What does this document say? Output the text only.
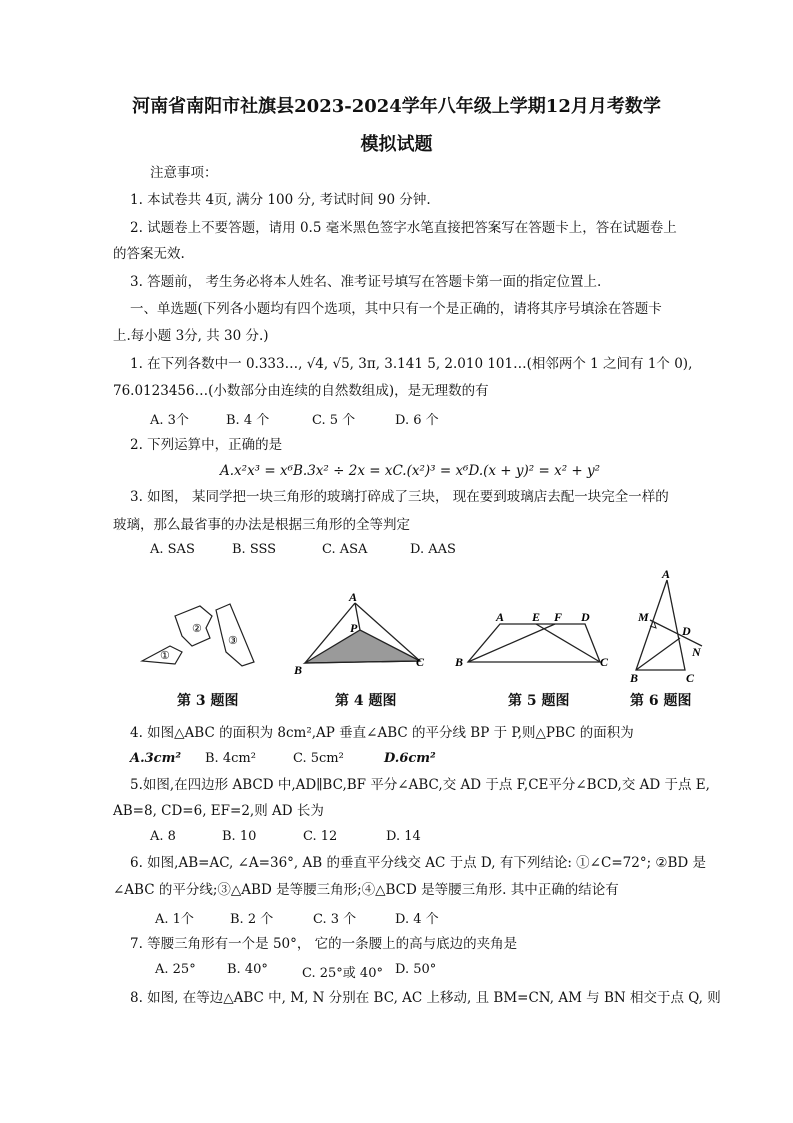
河南省南阳市社旗县2023-2024学年八年级上学期12月月考数学
模拟试题
注意事项：
1. 本试卷共 4页, 满分 100 分, 考试时间 90 分钟.
2. 试题卷上不要答题，请用 0.5 毫米黑色签字水笔直接把答案写在答题卡上，答在试题卷上
的答案无效.
3. 答题前， 考生务必将本人姓名、准考证号填写在答题卡第一面的指定位置上.
一、单选题(下列各小题均有四个选项，其中只有一个是正确的，请将其序号填涂在答题卡
上.每小题 3分, 共 30 分.)
1. 在下列各数中一 0.333…, √4, √5, 3π, 3.141 5, 2.010 101…(相邻两个 1 之间有 1个 0),
76.0123456…(小数部分由连续的自然数组成)，是无理数的有
A. 3个	B. 4 个	C. 5 个	D. 6 个
2. 下列运算中，正确的是
A.x²x³ = x⁶B.3x² ÷ 2x = xC.(x²)³ = x⁶D.(x + y)² = x² + y²
3. 如图， 某同学把一块三角形的玻璃打碎成了三块， 现在要到玻璃店去配一块完全一样的
玻璃，那么最省事的办法是根据三角形的全等判定
A. SAS	B. SSS	C. ASA	D. AAS
①
②
③
A
P
B
C
A E F D
B	C
A
M
D
N
B	C
第 3 题图	第 4 题图	第 5 题图	第 6 题图
4. 如图△ABC 的面积为 8cm²,AP 垂直∠ABC 的平分线 BP 于 P,则△PBC 的面积为
A.3cm² B. 4cm²	C. 5cm²	D.6cm²
5.如图,在四边形 ABCD 中,AD∥BC,BF 平分∠ABC,交 AD 于点 F,CE平分∠BCD,交 AD 于点 E,
AB=8, CD=6, EF=2,则 AD 长为
A. 8	B. 10	C. 12	D. 14
6. 如图,AB=AC, ∠A=36°, AB 的垂直平分线交 AC 于点 D, 有下列结论: ①∠C=72°; ②BD 是
∠ABC 的平分线;③△ABD 是等腰三角形;④△BCD 是等腰三角形. 其中正确的结论有
A. 1个	B. 2 个	C. 3 个	D. 4 个
7. 等腰三角形有一个是 50°， 它的一条腰上的高与底边的夹角是
A. 25° B. 40°	C. 25°或 40° D. 50°
8. 如图, 在等边△ABC 中, M, N 分别在 BC, AC 上移动, 且 BM=CN, AM 与 BN 相交于点 Q, 则
